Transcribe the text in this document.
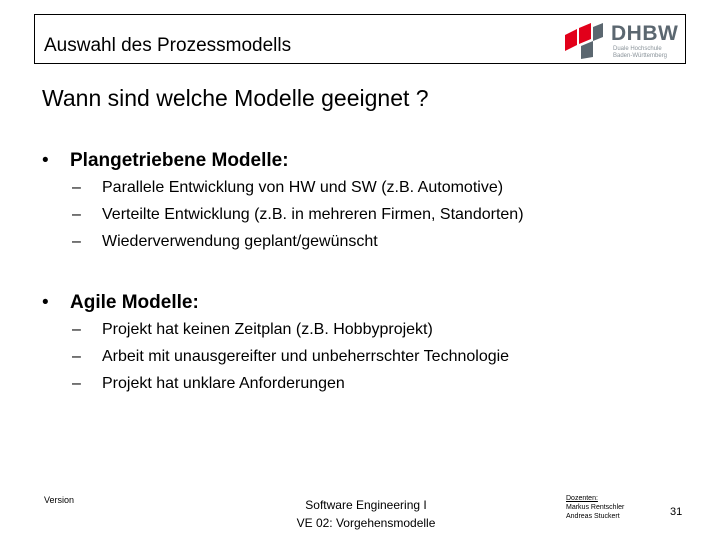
Auswahl des Prozessmodells
DHBW
Duale Hochschule
Baden-Württemberg
Wann sind welche Modelle geeignet ?
•	Plangetriebene Modelle:
–	Parallele Entwicklung von HW und SW (z.B. Automotive)
–	Verteilte Entwicklung (z.B. in mehreren Firmen, Standorten)
–	Wiederverwendung geplant/gewünscht
•	Agile Modelle:
–	Projekt hat keinen Zeitplan (z.B. Hobbyprojekt)
–	Arbeit mit unausgereifter und unbeherrschter Technologie
–	Projekt hat unklare Anforderungen
Version	Software Engineering I
VE 02: Vorgehensmodelle
Dozenten:
Markus Rentschler
Andreas Stuckert	31
